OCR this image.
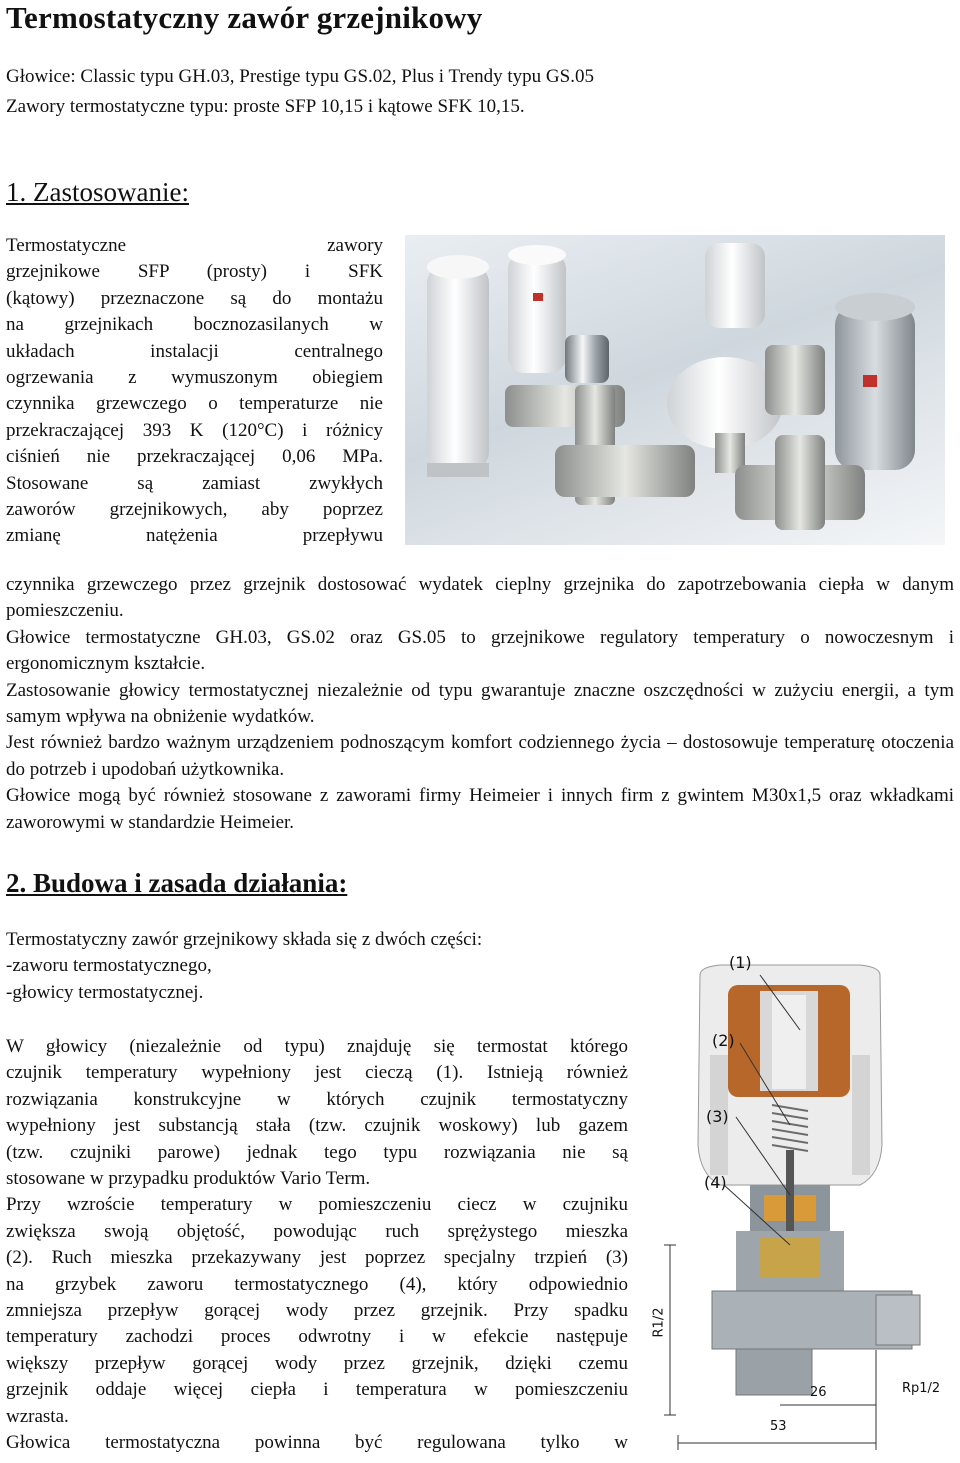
Termostatyczny zawór grzejnikowy
Głowice: Classic typu GH.03, Prestige typu GS.02, Plus i Trendy typu GS.05
Zawory termostatyczne typu: proste SFP 10,15 i kątowe SFK 10,15.
1. Zastosowanie:
Termostatyczne zawory
grzejnikowe SFP (prosty) i SFK
(kątowy) przeznaczone są do montażu
na grzejnikach bocznozasilanych w
układach instalacji centralnego
ogrzewania z wymuszonym obiegiem
czynnika grzewczego o temperaturze nie
przekraczającej 393 K (120°C) i różnicy
ciśnień nie przekraczającej 0,06 MPa.
Stosowane są zamiast zwykłych
zaworów grzejnikowych, aby poprzez
zmianę natężenia przepływu
czynnika grzewczego przez grzejnik dostosować wydatek cieplny grzejnika do zapotrzebowania ciepła w danym pomieszczeniu.
Głowice termostatyczne GH.03, GS.02 oraz GS.05 to grzejnikowe regulatory temperatury o nowoczesnym i ergonomicznym kształcie.
Zastosowanie głowicy termostatycznej niezależnie od typu gwarantuje znaczne oszczędności w zużyciu energii, a tym samym wpływa na obniżenie wydatków.
Jest również bardzo ważnym urządzeniem podnoszącym komfort codziennego życia – dostosowuje temperaturę otoczenia do potrzeb i upodobań użytkownika.
Głowice mogą być również stosowane z zaworami firmy Heimeier i innych firm z gwintem M30x1,5 oraz wkładkami zaworowymi w standardzie Heimeier.
2. Budowa i zasada działania:
Termostatyczny zawór grzejnikowy składa się z dwóch części:
-zaworu termostatycznego,
-głowicy termostatycznej.
W głowicy (niezależnie od typu) znajduję się termostat którego
czujnik temperatury wypełniony jest cieczą (1). Istnieją również
rozwiązania konstrukcyjne w których czujnik termostatyczny
wypełniony jest substancją stała (tzw. czujnik woskowy) lub gazem
(tzw. czujniki parowe) jednak tego typu rozwiązania nie są
stosowane w przypadku produktów Vario Term.
Przy wzroście temperatury w pomieszczeniu ciecz w czujniku
zwiększa swoją objętość, powodując ruch sprężystego mieszka
(2). Ruch mieszka przekazywany jest poprzez specjalny trzpień (3)
na grzybek zaworu termostatycznego (4), który odpowiednio
zmniejsza przepływ gorącej wody przez grzejnik. Przy spadku
temperatury zachodzi proces odwrotny i w efekcie następuje
większy przepływ gorącej wody przez grzejnik, dzięki czemu
grzejnik oddaje więcej ciepła i temperatura w pomieszczeniu
wzrasta.
Głowica termostatyczna powinna być regulowana tylko w
(1)
(2)
(3)
(4)
R1/2
Rp1/2
26
53
